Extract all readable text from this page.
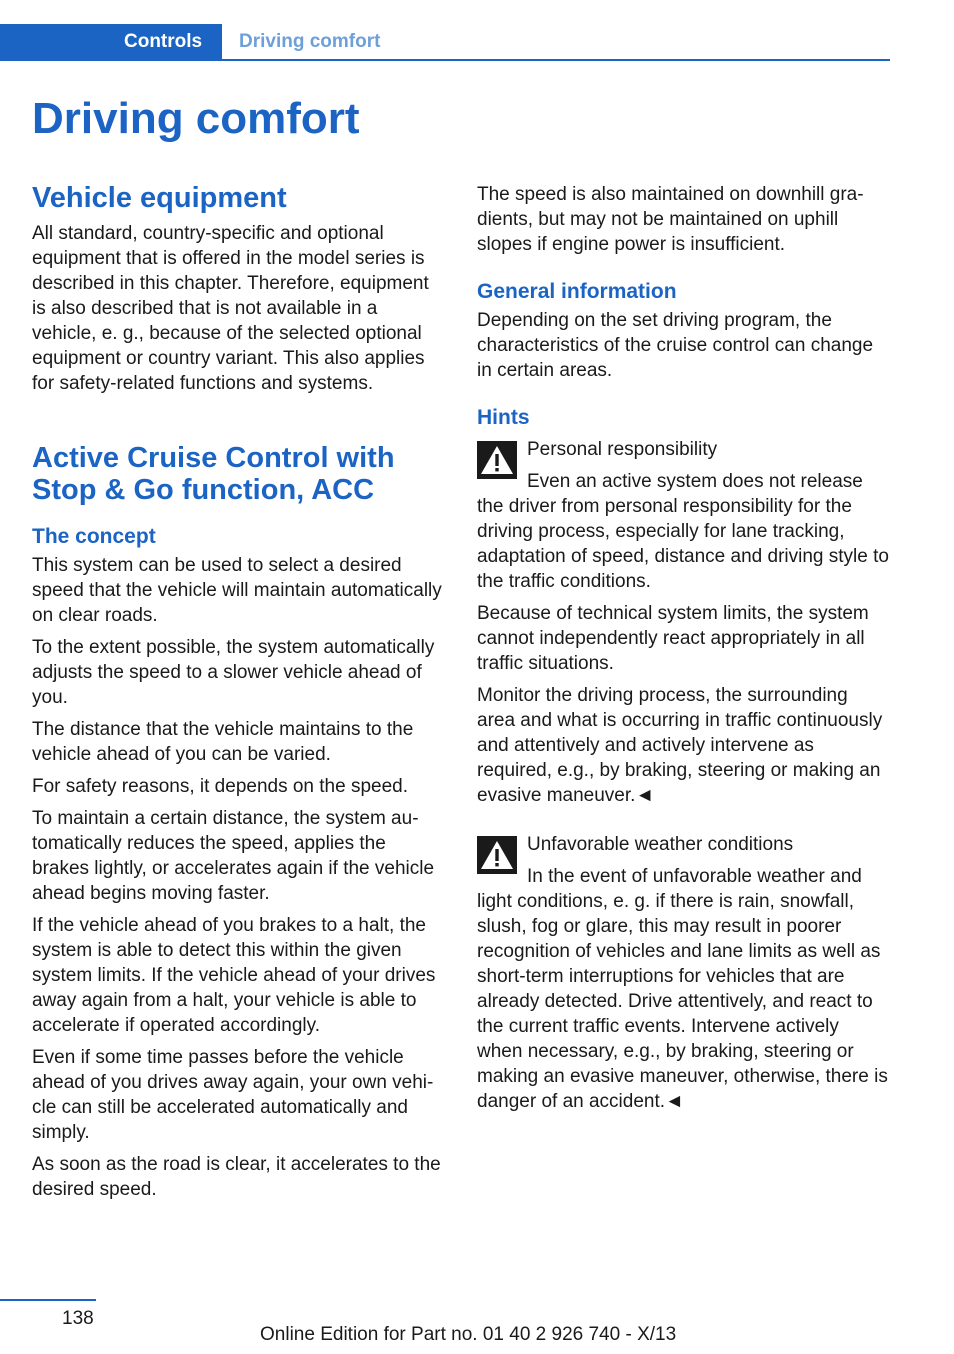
Controls Driving comfort
Driving comfort
Vehicle equipment

All standard, country-specific and optional equipment that is offered in the model series is described in this chapter. Therefore, equipment is also described that is not available in a vehicle, e. g., because of the selected optional equipment or country variant. This also applies for safety-related functions and systems.

Active Cruise Control with Stop & Go function, ACC
The concept

This system can be used to select a desired speed that the vehicle will maintain automatically on clear roads.

To the extent possible, the system automatically adjusts the speed to a slower vehicle ahead of you.

The distance that the vehicle maintains to the vehicle ahead of you can be varied.

For safety reasons, it depends on the speed.

To maintain a certain distance, the system automatically reduces the speed, applies the brakes lightly, or accelerates again if the vehicle ahead begins moving faster.

If the vehicle ahead of you brakes to a halt, the system is able to detect this within the given system limits. If the vehicle ahead of your drives away again from a halt, your vehicle is able to accelerate if operated accordingly.

Even if some time passes before the vehicle ahead of you drives away again, your own vehicle can still be accelerated automatically and simply.

As soon as the road is clear, it accelerates to the desired speed.

The speed is also maintained on downhill gradients, but may not be maintained on uphill slopes if engine power is insufficient.

General information

Depending on the set driving program, the characteristics of the cruise control can change in certain areas.

Hints

Personal responsibility

Even an active system does not release the driver from personal responsibility for the driving process, especially for lane tracking, adaptation of speed, distance and driving style to the traffic conditions.

Because of technical system limits, the system cannot independently react appropriately in all traffic situations.

Monitor the driving process, the surrounding area and what is occurring in traffic continuously and attentively and actively intervene as required, e.g., by braking, steering or making an evasive maneuver.◄

Unfavorable weather conditions

In the event of unfavorable weather and light conditions, e. g. if there is rain, snowfall, slush, fog or glare, this may result in poorer recognition of vehicles and lane limits as well as short-term interruptions for vehicles that are already detected. Drive attentively, and react to the current traffic events. Intervene actively when necessary, e.g., by braking, steering or making an evasive maneuver, otherwise, there is danger of an accident.◄

138
Online Edition for Part no. 01 40 2 926 740 - X/13
